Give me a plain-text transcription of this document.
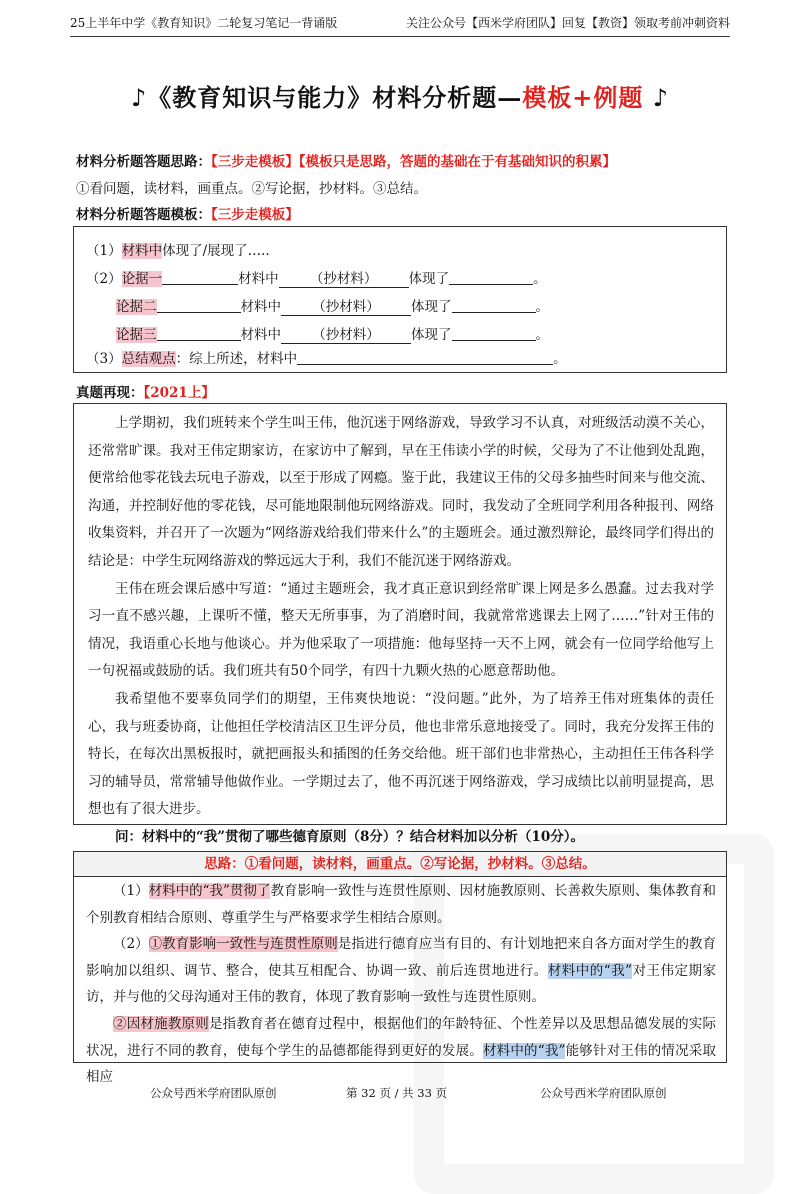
25上半年中学《教育知识》二轮复习笔记一背诵版	关注公众号【西米学府团队】回复【教资】领取考前冲刺资料
♪《教育知识与能力》材料分析题—模板+例题 ♪
材料分析题答题思路：【三步走模板】【模板只是思路，答题的基础在于有基础知识的积累】
①看问题，读材料，画重点。②写论据，抄材料。③总结。
材料分析题答题模板：【三步走模板】
（1）材料中体现了/展现了…..
（2）论据一	材料中 （抄材料） 体现了	。
论据二	材料中 （抄材料） 体现了	。
论据三	材料中 （抄材料） 体现了	。
（3）总结观点：综上所述，材料中	。
真题再现：【2021上】

上学期初，我们班转来个学生叫王伟，他沉迷于网络游戏，导致学习不认真，对班级活动漠不关心，还常常旷课。我对王伟定期家访，在家访中了解到，早在王伟读小学的时候，父母为了不让他到处乱跑，便常给他零花钱去玩电子游戏，以至于形成了网瘾。鉴于此，我建议王伟的父母多抽些时间来与他交流、沟通，并控制好他的零花钱，尽可能地限制他玩网络游戏。同时，我发动了全班同学利用各种报刊、网络收集资料，并召开了一次题为“网络游戏给我们带来什么”的主题班会。通过激烈辩论，最终同学们得出的结论是：中学生玩网络游戏的弊远远大于利，我们不能沉迷于网络游戏。

王伟在班会课后感中写道：“通过主题班会，我才真正意识到经常旷课上网是多么愚蠢。过去我对学习一直不感兴趣，上课听不懂，整天无所事事，为了消磨时间，我就常常逃课去上网了……”针对王伟的情况，我语重心长地与他谈心。并为他采取了一项措施：他每坚持一天不上网，就会有一位同学给他写上一句祝福或鼓励的话。我们班共有50个同学，有四十九颗火热的心愿意帮助他。

我希望他不要辜负同学们的期望，王伟爽快地说：“没问题。”此外，为了培养王伟对班集体的责任心，我与班委协商，让他担任学校清洁区卫生评分员，他也非常乐意地接受了。同时，我充分发挥王伟的特长，在每次出黑板报时，就把画报头和插图的任务交给他。班干部们也非常热心，主动担任王伟各科学习的辅导员，常常辅导他做作业。一学期过去了，他不再沉迷于网络游戏，学习成绩比以前明显提高，思想也有了很大进步。

问：材料中的“我”贯彻了哪些德育原则（8分）？结合材料加以分析（10分）。

思路：①看问题，读材料，画重点。②写论据，抄材料。③总结。

（1）材料中的“我”贯彻了教育影响一致性与连贯性原则、因材施教原则、长善救失原则、集体教育和个别教育相结合原则、尊重学生与严格要求学生相结合原则。

（2）①教育影响一致性与连贯性原则是指进行德育应当有目的、有计划地把来自各方面对学生的教育影响加以组织、调节、整合，使其互相配合、协调一致、前后连贯地进行。材料中的“我”对王伟定期家访，并与他的父母沟通对王伟的教育，体现了教育影响一致性与连贯性原则。

②因材施教原则是指教育者在德育过程中，根据他们的年龄特征、个性差异以及思想品德发展的实际状况，进行不同的教育，使每个学生的品德都能得到更好的发展。材料中的“我”能够针对王伟的情况采取相应

公众号西米学府团队原创	第 32 页 / 共 33 页	公众号西米学府团队原创
